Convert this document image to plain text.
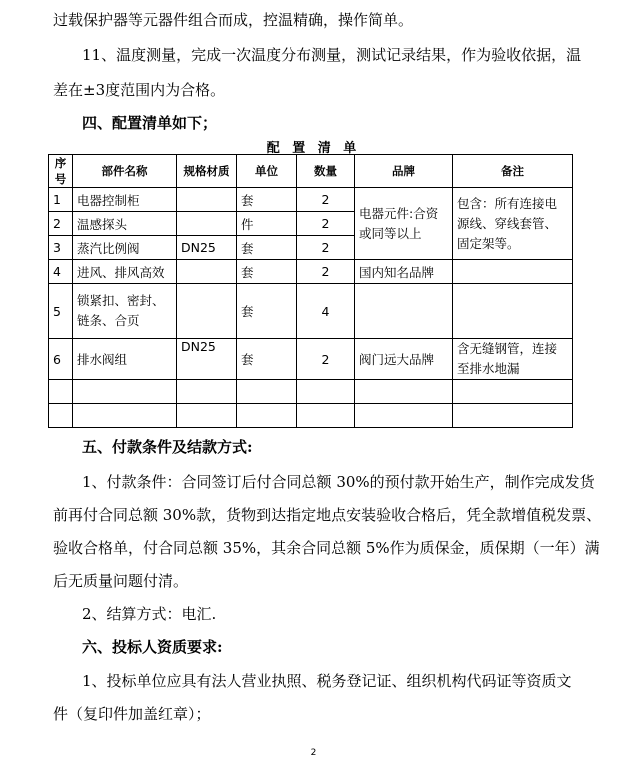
过载保护器等元器件组合而成，控温精确，操作简单。
11、温度测量，完成一次温度分布测量，测试记录结果，作为验收依据，温
差在±3度范围内为合格。
四、配置清单如下；
配 置 清 单
序号	部件名称	规格材质	单位	数量	品牌	备注
1	电器控制柜		套	2	电器元件:合资或同等以上	包含：所有连接电源线、穿线套管、固定架等。
2	温感探头		件	2		
3	蒸汽比例阀	DN25	套	2		
4	进风、排风高效		套	2	国内知名品牌	
5	锁紧扣、密封、链条、合页		套	4		
6	排水阀组	DN25	套	2	阀门远大品牌	含无缝钢管，连接至排水地漏

五、付款条件及结款方式:
1、付款条件：合同签订后付合同总额 30%的预付款开始生产，制作完成发货
前再付合同总额 30%款，货物到达指定地点安装验收合格后，凭全款增值税发票、
验收合格单，付合同总额 35%，其余合同总额 5%作为质保金，质保期（一年）满
后无质量问题付清。
2、结算方式：电汇.
六、投标人资质要求:
1、投标单位应具有法人营业执照、税务登记证、组织机构代码证等资质文
件（复印件加盖红章）；
2
